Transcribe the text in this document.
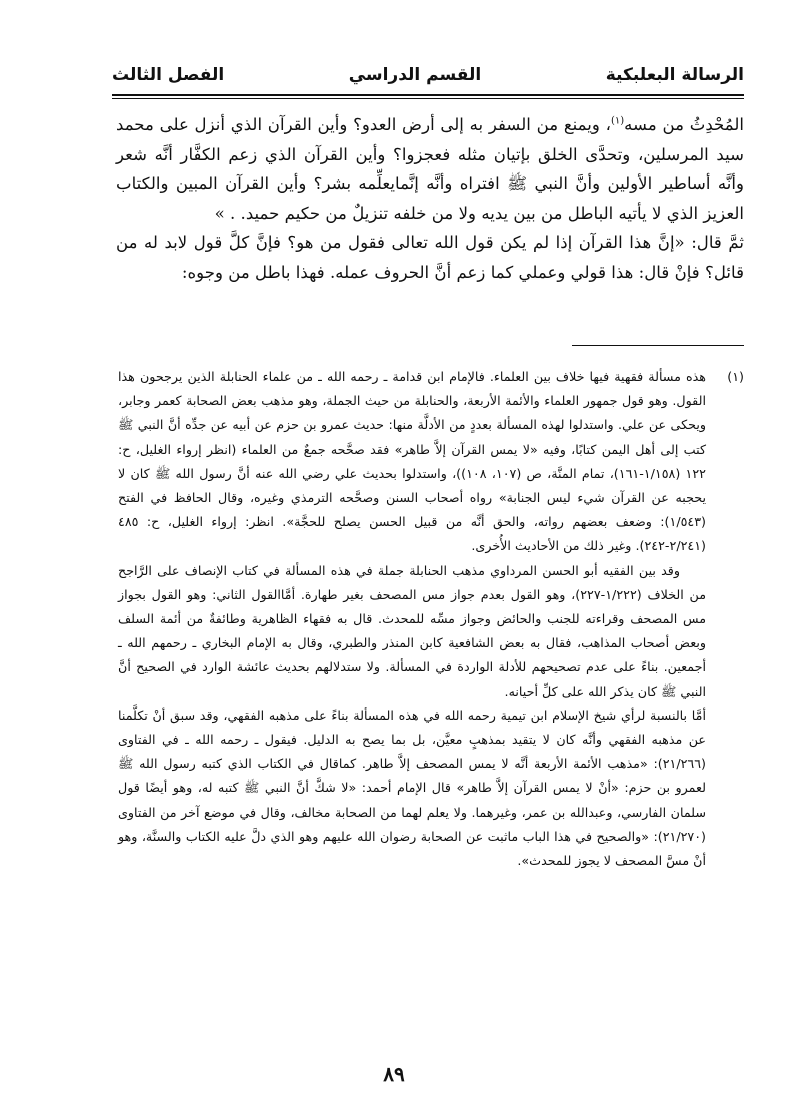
الرسالة البعلبكية
القسم الدراسي
الفصل الثالث

المُحْدِثُ من مسه$^{(١)}$، ويمنع من السفر به إلى أرض العدو؟ وأين القرآن الذي أنزل على محمد سيد المرسلين، وتحدَّى الخلق بإتيان مثله فعجزوا؟ وأين القرآن الذي زعم الكفَّار أنَّه شعر وأنَّه أساطير الأولين وأنَّ النبي ﷺ افتراه وأنَّه إنَّمايعلِّمه بشر؟ وأين القرآن المبين والكتاب العزيز الذي لا يأتيه الباطل من بين يديه ولا من خلفه تنزيلٌ من حكيم حميد. . »

ثمَّ قال: «إنَّ هذا القرآن إذا لم يكن قول الله تعالى فقول من هو؟ فإنَّ كلَّ قول لابد له من قائل؟ فإنْ قال: هذا قولي وعملي كما زعم أنَّ الحروف عمله. فهذا باطل من وجوه:

(١)

هذه مسألة فقهية فيها خلاف بين العلماء. فالإمام ابن قدامة ـ رحمه الله ـ من علماء الحنابلة الذين يرجحون هذا القول. وهو قول جمهور العلماء والأئمة الأربعة، والحنابلة من حيث الجملة، وهو مذهب بعض الصحابة كعمر وجابر، ويحكى عن علي. واستدلوا لهذه المسألة بعددٍ من الأدلَّة منها: حديث عمرو بن حزم عن أبيه عن جدِّه أنَّ النبي ﷺ كتب إلى أهل اليمن كتابًا، وفيه «لا يمس القرآن إلاَّ طاهر» فقد صحَّحه جمعٌ من العلماء (انظر إرواء الغليل، ح: ١٢٢ (١/١٥٨-١٦١)، تمام المنَّة، ص (١٠٧، ١٠٨))، واستدلوا بحديث علي رضي الله عنه أنَّ رسول الله ﷺ كان لا يحجبه عن القرآن شيء ليس الجنابة» رواه أصحاب السنن وصحَّحه الترمذي وغيره، وقال الحافظ في الفتح (١/٥٤٣): وضعف بعضهم رواته، والحق أنَّه من قبيل الحسن يصلح للحجَّة». انظر: إرواء الغليل، ح: ٤٨٥ (٢/٢٤١-٢٤٢). وغير ذلك من الأحاديث الأُخرى.

وقد بين الفقيه أبو الحسن المرداوي مذهب الحنابلة جملة في هذه المسألة في كتاب الإنصاف على الرَّاجح من الخلاف (١/٢٢٢-٢٢٧)، وهو القول بعدم جواز مس المصحف بغير طهارة. أمَّاالقول الثاني: وهو القول بجواز مس المصحف وقراءته للجنب والحائض وجواز مسِّه للمحدث. قال به فقهاء الظاهرية وطائفةٌ من أئمة السلف وبعض أصحاب المذاهب، فقال به بعض الشافعية كابن المنذر والطبري، وقال به الإمام البخاري ـ رحمهم الله ـ أجمعين. بناءً على عدم تصحيحهم للأدلة الواردة في المسألة. ولا ستدلالهم بحديث عائشة الوارد في الصحيح أنَّ النبي ﷺ كان يذكر الله على كلِّ أحيانه.

أمَّا بالنسبة لرأي شيخ الإسلام ابن تيمية رحمه الله في هذه المسألة بناءً على مذهبه الفقهي، وقد سبق أنْ تكلَّمنا عن مذهبه الفقهي وأنَّه كان لا يتقيد بمذهبٍ معيَّن، بل بما يصح به الدليل. فيقول ـ رحمه الله ـ في الفتاوى (٢١/٢٦٦): «مذهب الأئمة الأربعة أنَّه لا يمس المصحف إلاَّ طاهر. كماقال في الكتاب الذي كتبه رسول الله ﷺ لعمرو بن حزم: «أنْ لا يمس القرآن إلاَّ طاهر» قال الإمام أحمد: «لا شكَّ أنَّ النبي ﷺ كتبه له، وهو أيضًا قول سلمان الفارسي، وعبدالله بن عمر، وغيرهما. ولا يعلم لهما من الصحابة مخالف، وقال في موضع آخر من الفتاوى (٢١/٢٧٠): «والصحيح في هذا الباب ماثبت عن الصحابة رضوان الله عليهم وهو الذي دلَّ عليه الكتاب والسنَّة، وهو أنْ مسَّ المصحف لا يجوز للمحدث».

٨٩
